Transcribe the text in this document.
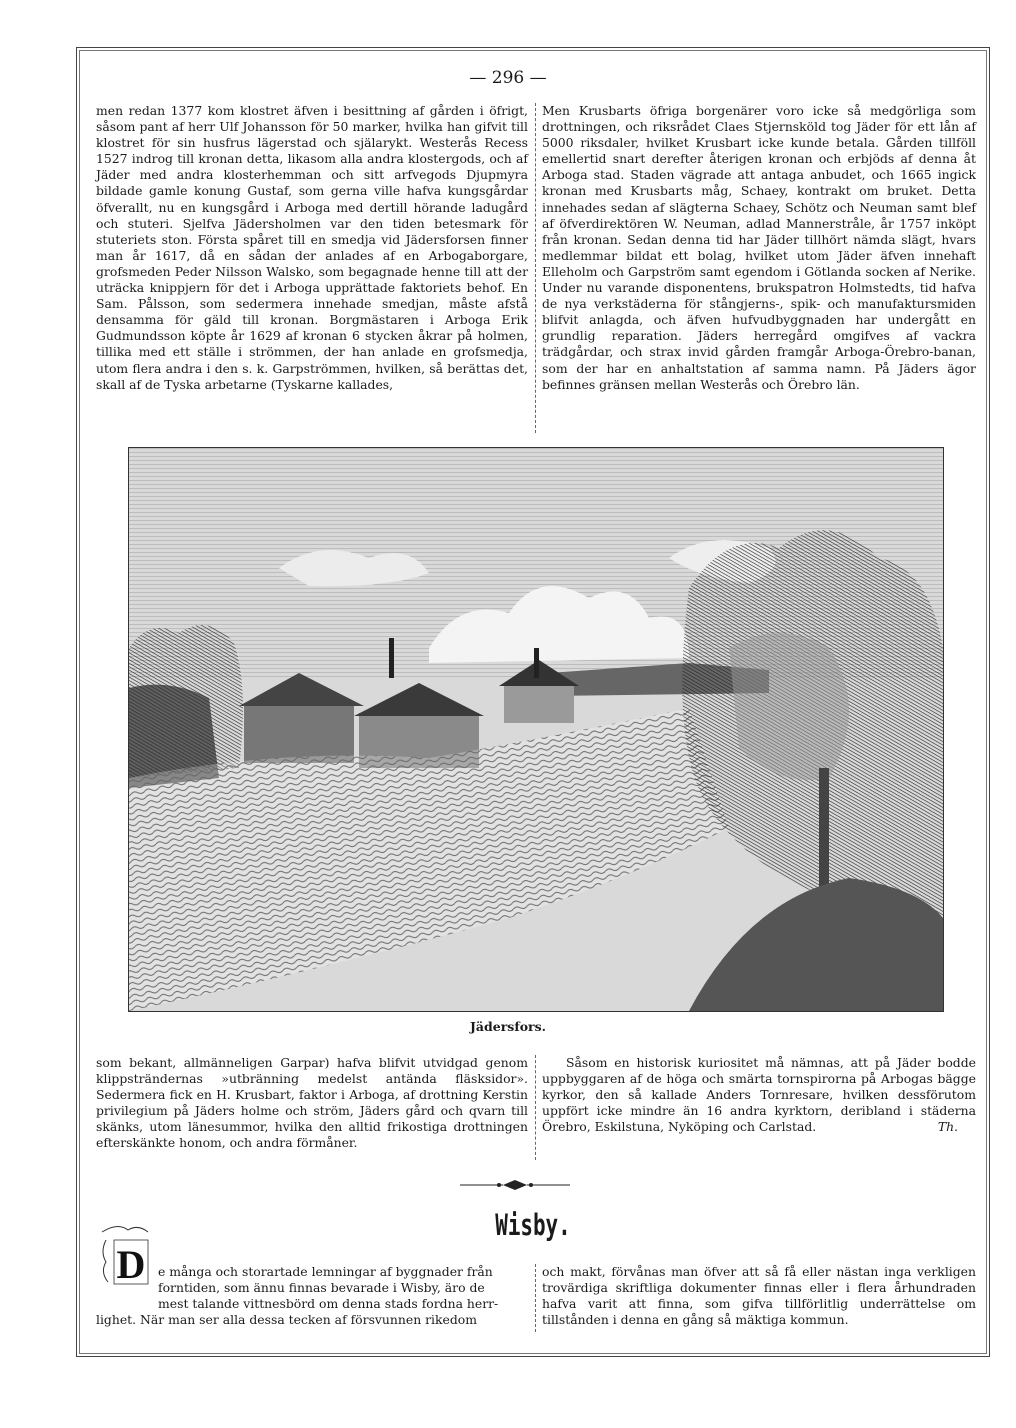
— 296 —

men redan 1377 kom klostret äfven i besittning af gården i öfrigt, såsom pant af herr Ulf Johansson för 50 marker, hvilka han gifvit till klostret för sin husfrus lägerstad och själarykt. Westerås Recess 1527 indrog till kronan detta, likasom alla andra klostergods, och af Jäder med andra klosterhemman och sitt arfvegods Djupmyra bildade gamle konung Gustaf, som gerna ville hafva kungsgårdar öfverallt, nu en kungsgård i Arboga med dertill hörande ladugård och stuteri. Sjelfva Jädersholmen var den tiden betesmark för stuteriets ston. Första spåret till en smedja vid Jädersforsen finner man år 1617, då en sådan der anlades af en Arbogaborgare, grofsmeden Peder Nilsson Walsko, som begagnade henne till att der uträcka knippjern för det i Arboga upprättade faktoriets behof. En Sam. Pålsson, som sedermera innehade smedjan, måste afstå densamma för gäld till kronan. Borgmästaren i Arboga Erik Gudmundsson köpte år 1629 af kronan 6 stycken åkrar på holmen, tillika med ett ställe i strömmen, der han anlade en grofsmedja, utom flera andra i den s. k. Garpströmmen, hvilken, så berättas det, skall af de Tyska arbetarne (Tyskarne kallades,

Men Krusbarts öfriga borgenärer voro icke så medgörliga som drottningen, och riksrådet Claes Stjernsköld tog Jäder för ett lån af 5000 riksdaler, hvilket Krusbart icke kunde betala. Gården tillföll emellertid snart derefter återigen kronan och erbjöds af denna åt Arboga stad. Staden vägrade att antaga anbudet, och 1665 ingick kronan med Krusbarts måg, Schaey, kontrakt om bruket. Detta innehades sedan af slägterna Schaey, Schötz och Neuman samt blef af öfverdirektören W. Neuman, adlad Mannerstråle, år 1757 inköpt från kronan. Sedan denna tid har Jäder tillhört nämda slägt, hvars medlemmar bildat ett bolag, hvilket utom Jäder äfven innehaft Elleholm och Garpström samt egendom i Götlanda socken af Nerike. Under nu varande disponentens, brukspatron Holmstedts, tid hafva de nya verkstäderna för stångjerns-, spik- och manufaktursmiden blifvit anlagda, och äfven hufvudbyggnaden har undergått en grundlig reparation. Jäders herregård omgifves af vackra trädgårdar, och strax invid gården framgår Arboga-Örebro-banan, som der har en anhaltstation af samma namn. På Jäders ägor befinnes gränsen mellan Westerås och Örebro län.

Jädersfors.

som bekant, allmänneligen Garpar) hafva blifvit utvidgad genom klippsträndernas »utbränning medelst antända fläsksidor». Sedermera fick en H. Krusbart, faktor i Arboga, af drottning Kerstin privilegium på Jäders holme och ström, Jäders gård och qvarn till skänks, utom länesummor, hvilka den alltid frikostiga drottningen efterskänkte honom, och andra förmåner.

Såsom en historisk kuriositet må nämnas, att på Jäder bodde uppbyggaren af de höga och smärta tornspirorna på Arbogas bägge kyrkor, den så kallade Anders Tornresare, hvilken dessförutom uppfört icke mindre än 16 andra kyrktorn, deribland i städerna Örebro, Eskilstuna, Nyköping och Carlstad.	Th.

Wisby.
D	e många och storartade lemningar af byggnader från
forntiden, som ännu finnas bevarade i Wisby, äro de
mest talande vittnesbörd om denna stads fordna herr-
lighet. När man ser alla dessa tecken af försvunnen rikedom

och makt, förvånas man öfver att så få eller nästan inga verkligen trovärdiga skriftliga dokumenter finnas eller i flera århundraden hafva varit att finna, som gifva tillförlitlig underrättelse om tillstånden i denna en gång så mäktiga kommun.
